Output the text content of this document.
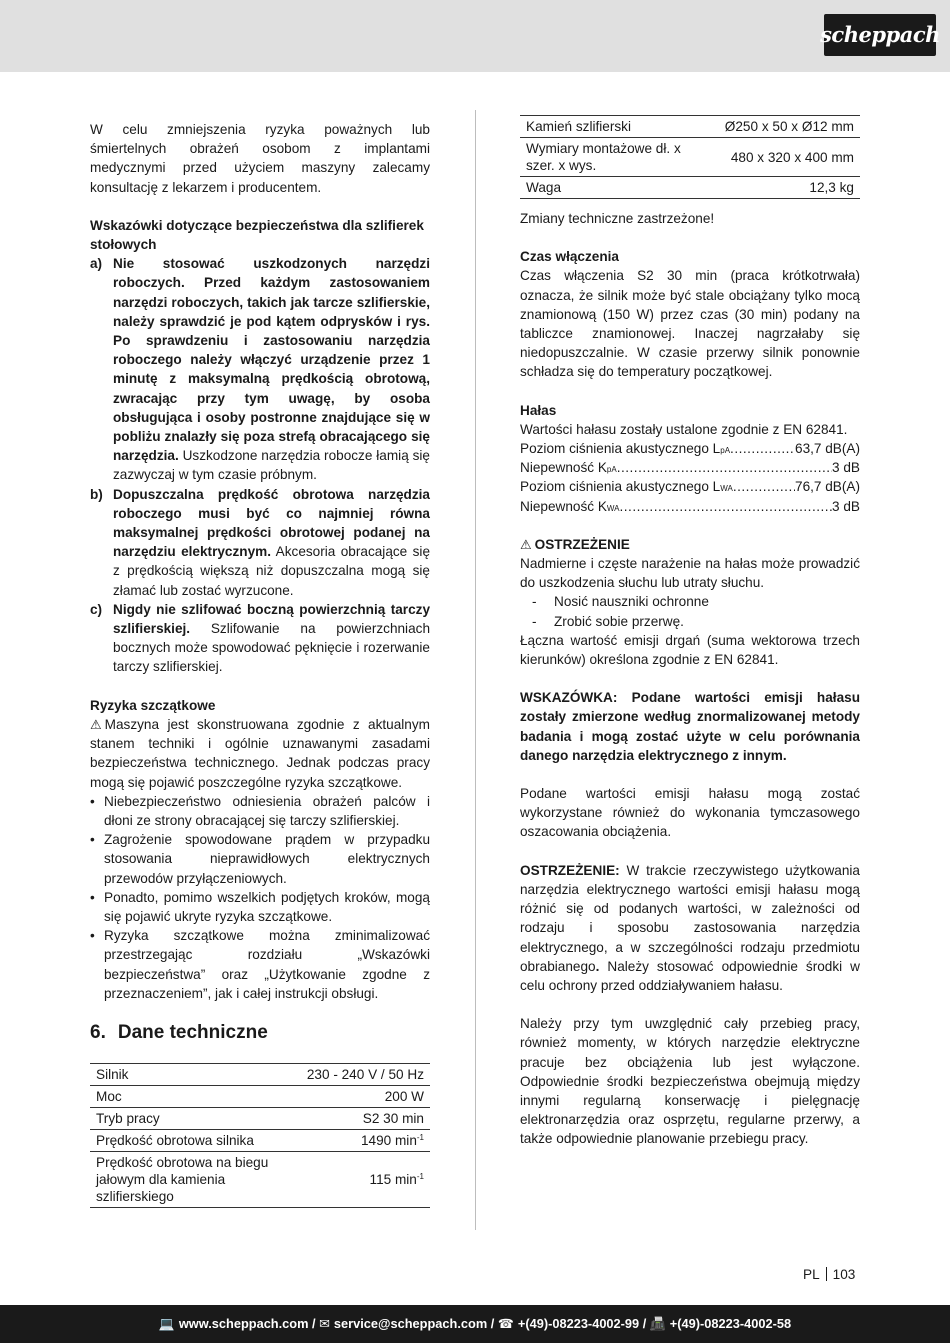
scheppach

W celu zmniejszenia ryzyka poważnych lub śmiertelnych obrażeń osobom z implantami medycznymi przed użyciem maszyny zalecamy konsultację z lekarzem i producentem.

Wskazówki dotyczące bezpieczeństwa dla szlifierek stołowych

a) Nie stosować uszkodzonych narzędzi roboczych. Przed każdym zastosowaniem narzędzi roboczych, takich jak tarcze szlifierskie, należy sprawdzić je pod kątem odprysków i rys. Po sprawdzeniu i zastosowaniu narzędzia roboczego należy włączyć urządzenie przez 1 minutę z maksymalną prędkością obrotową, zwracając przy tym uwagę, by osoba obsługująca i osoby postronne znajdujące się w pobliżu znalazły się poza strefą obracającego się narzędzia. Uszkodzone narzędzia robocze łamią się zazwyczaj w tym czasie próbnym.
b) Dopuszczalna prędkość obrotowa narzędzia roboczego musi być co najmniej równa maksymalnej prędkości obrotowej podanej na narzędziu elektrycznym. Akcesoria obracające się z prędkością większą niż dopuszczalna mogą się złamać lub zostać wyrzucone.
c) Nigdy nie szlifować boczną powierzchnią tarczy szlifierskiej. Szlifowanie na powierzchniach bocznych może spowodować pęknięcie i rozerwanie tarczy szlifierskiej.

Ryzyka szczątkowe

⚠ Maszyna jest skonstruowana zgodnie z aktualnym stanem techniki i ogólnie uznawanymi zasadami bezpieczeństwa technicznego. Jednak podczas pracy mogą się pojawić poszczególne ryzyka szczątkowe.

• Niebezpieczeństwo odniesienia obrażeń palców i dłoni ze strony obracającej się tarczy szlifierskiej.
• Zagrożenie spowodowane prądem w przypadku stosowania nieprawidłowych elektrycznych przewodów przyłączeniowych.
• Ponadto, pomimo wszelkich podjętych kroków, mogą się pojawić ukryte ryzyka szczątkowe.
• Ryzyka szczątkowe można zminimalizować przestrzegając rozdziału „Wskazówki bezpieczeństwa” oraz „Użytkowanie zgodne z przeznaczeniem”, jak i całej instrukcji obsługi.
6. Dane techniczne
Silnik	230 - 240 V / 50 Hz
Moc	200 W
Tryb pracy	S2 30 min
Prędkość obrotowa silnika	1490 $\min^{-1}$
Prędkość obrotowa na biegu jałowym dla kamienia szlifierskiego	115 $\min^{-1}$
Kamień szlifierski	Ø250 x 50 x Ø12 mm
Wymiary montażowe dł. x szer. x wys.	480 x 320 x 400 mm
Waga	12,3 kg

Zmiany techniczne zastrzeżone!

Czas włączenia

Czas włączenia S2 30 min (praca krótkotrwała) oznacza, że silnik może być stale obciążany tylko mocą znamionową (150 W) przez czas (30 min) podany na tabliczce znamionowej. Inaczej nagrzałaby się niedopuszczalnie. W czasie przerwy silnik ponownie schładza się do temperatury początkowej.

Hałas

Wartości hałasu zostały ustalone zgodnie z EN 62841.

Poziom ciśnienia akustycznego L pA .....	63,7 dB(A)
Niepewność K pA .....	3 dB
Poziom ciśnienia akustycznego L WA .....	76,7 dB(A)
Niepewność K WA .....	3 dB

⚠ OSTRZEŻENIE

Nadmierne i częste narażenie na hałas może prowadzić do uszkodzenia słuchu lub utraty słuchu.

- Nosić nauszniki ochronne
- Zrobić sobie przerwę.

Łączna wartość emisji drgań (suma wektorowa trzech kierunków) określona zgodnie z EN 62841.

WSKAZÓWKA: Podane wartości emisji hałasu zostały zmierzone według znormalizowanej metody badania i mogą zostać użyte w celu porównania danego narzędzia elektrycznego z innym.

Podane wartości emisji hałasu mogą zostać wykorzystane również do wykonania tymczasowego oszacowania obciążenia.

OSTRZEŻENIE: W trakcie rzeczywistego użytkowania narzędzia elektrycznego wartości emisji hałasu mogą różnić się od podanych wartości, w zależności od rodzaju i sposobu zastosowania narzędzia elektrycznego, a w szczególności rodzaju przedmiotu obrabianego. Należy stosować odpowiednie środki w celu ochrony przed oddziaływaniem hałasu.

Należy przy tym uwzględnić cały przebieg pracy, również momenty, w których narzędzie elektryczne pracuje bez obciążenia lub jest wyłączone. Odpowiednie środki bezpieczeństwa obejmują między innymi regularną konserwację i pielęgnację elektronarzędzia oraz osprzętu, regularne przerwy, a także odpowiednie planowanie przebiegu pracy.

PL 103
💻 www.scheppach.com /
✉ service@scheppach.com /
☎ +(49)-08223-4002-99 /
📠 +(49)-08223-4002-58
